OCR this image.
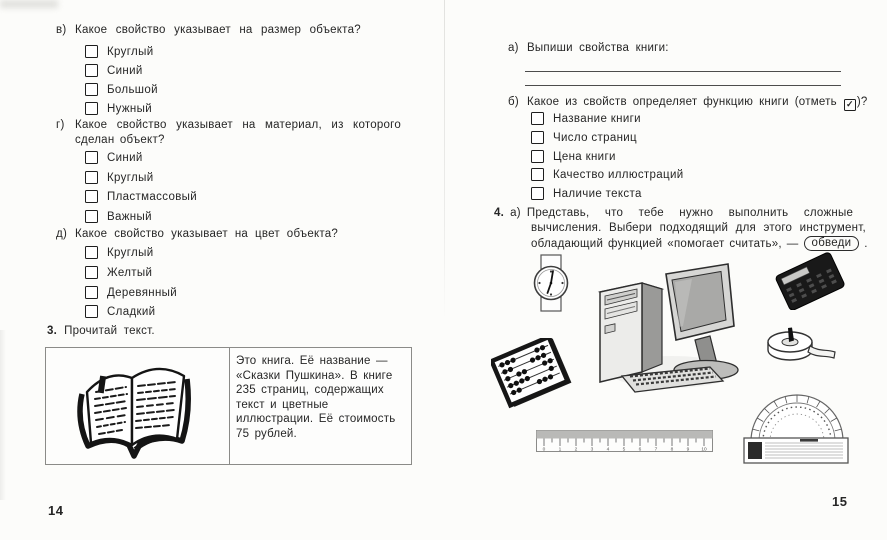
в) Какое свойство указывает на размер объекта?
Круглый
Синий
Большой
Нужный
г) Какое свойство указывает на материал, из которого
сделан объект?
Синий
Круглый
Пластмассовый
Важный
д) Какое свойство указывает на цвет объекта?
Круглый
Желтый
Деревянный
Сладкий
3. Прочитай текст.
Это книга. Её название —
«Сказки Пушкина». В книге
235 страниц, содержащих
текст и цветные
иллюстрации. Её стоимость
75 рублей.
14
а) Выпиши свойства книги:
б) Какое из свойств определяет функцию книги (отметь ✓ )?
Название книги
Число страниц
Цена книги
Качество иллюстраций
Наличие текста
4. а) Представь, что тебе нужно выполнить сложные
вычисления. Выбери подходящий для этого инструмент,
обладающий функцией «помогает считать», —	обведи	.
0	1	2	3	4	5	6	7	8	9 10
15
